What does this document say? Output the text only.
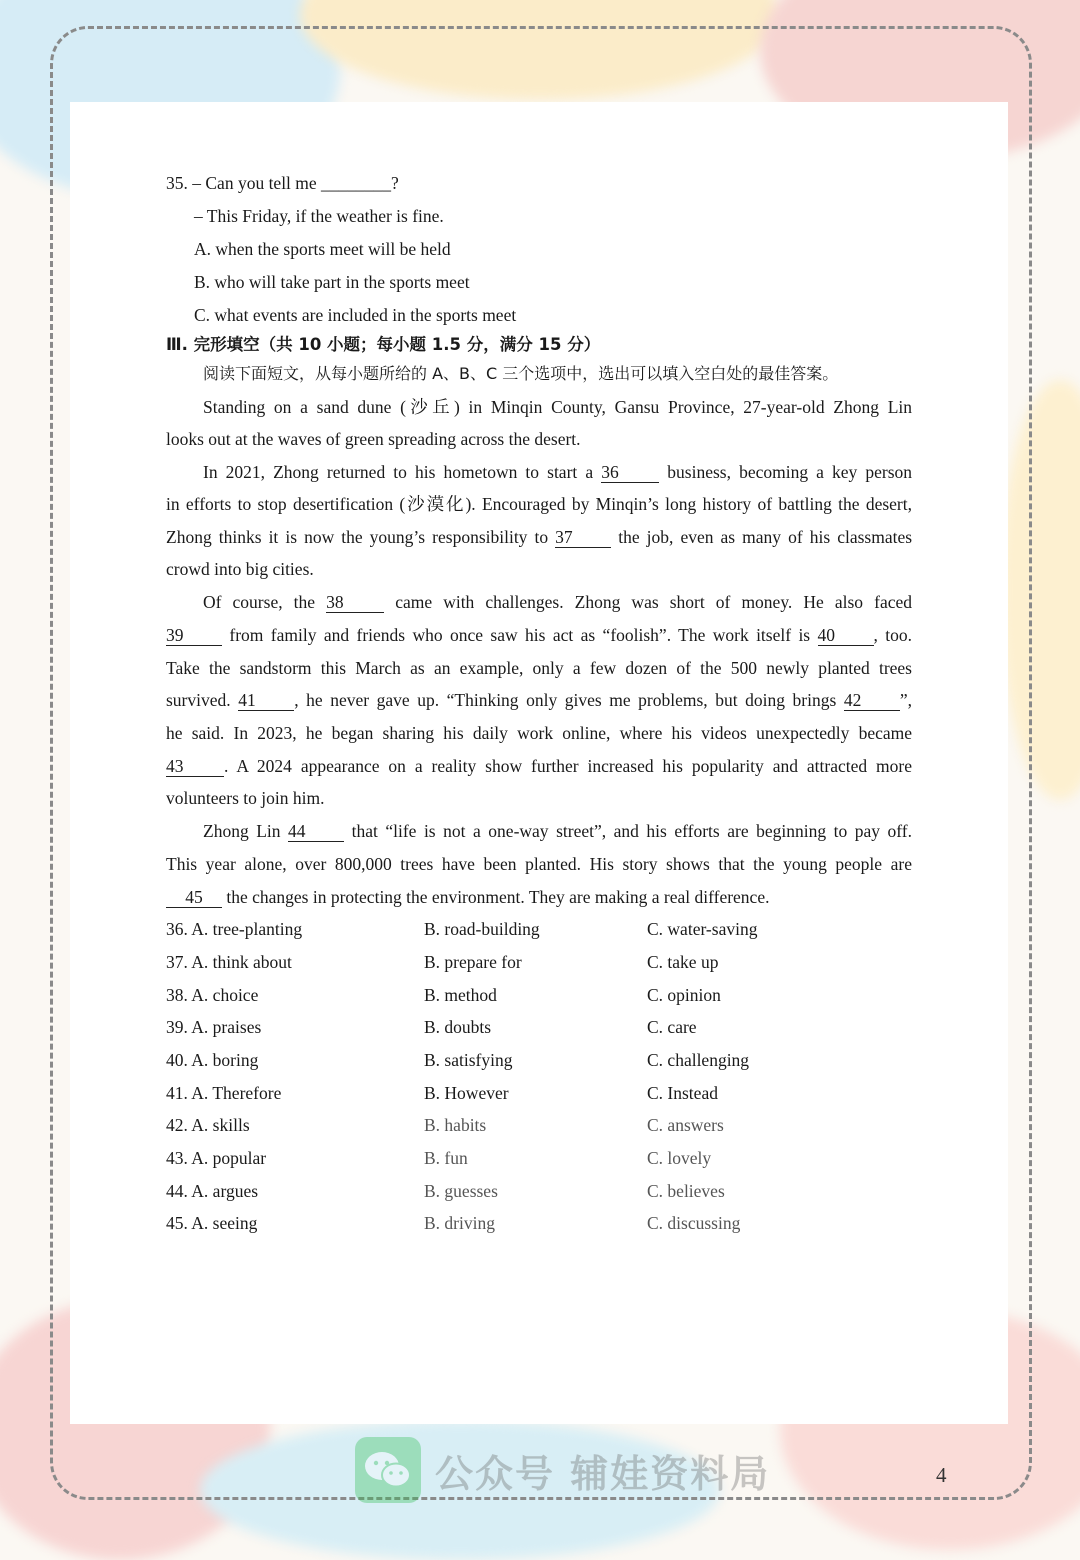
35. – Can you tell me ________?
– This Friday, if the weather is fine.
A. when the sports meet will be held
B. who will take part in the sports meet
C. what events are included in the sports meet
Ⅲ. 完形填空（共 10 小题；每小题 1.5 分，满分 15 分）
阅读下面短文，从每小题所给的 A、B、C 三个选项中，选出可以填入空白处的最佳答案。
Standing on a sand dune (沙丘) in Minqin County, Gansu Province, 27-year-old Zhong Lin
looks out at the waves of green spreading across the desert.
In 2021, Zhong returned to his hometown to start a 36	business, becoming a key person
in efforts to stop desertification (沙漠化). Encouraged by Minqin’s long history of battling the desert,
Zhong thinks it is now the young’s responsibility to 37	the job, even as many of his classmates
crowd into big cities.
Of course, the 38	came with challenges. Zhong was short of money. He also faced
39	from family and friends who once saw his act as “foolish”. The work itself is 40 , too.
Take the sandstorm this March as an example, only a few dozen of the 500 newly planted trees
survived. 41 , he never gave up. “Thinking only gives me problems, but doing brings 42 ”,
he said. In 2023, he began sharing his daily work online, where his videos unexpectedly became
43 . A 2024 appearance on a reality show further increased his popularity and attracted more
volunteers to join him.
Zhong Lin 44	that “life is not a one-way street”, and his efforts are beginning to pay off.
This year alone, over 800,000 trees have been planted. His story shows that the young people are
45 the changes in protecting the environment. They are making a real difference.
36. A. tree-planting	B. road-building	C. water-saving
37. A. think about	B. prepare for	C. take up
38. A. choice	B. method	C. opinion
39. A. praises	B. doubts	C. care
40. A. boring	B. satisfying	C. challenging
41. A. Therefore	B. However	C. Instead
42. A. skills	B. habits	C. answers
43. A. popular	B. fun	C. lovely
44. A. argues	B. guesses	C. believes
45. A. seeing	B. driving	C. discussing
公众号 辅娃资料局	4
